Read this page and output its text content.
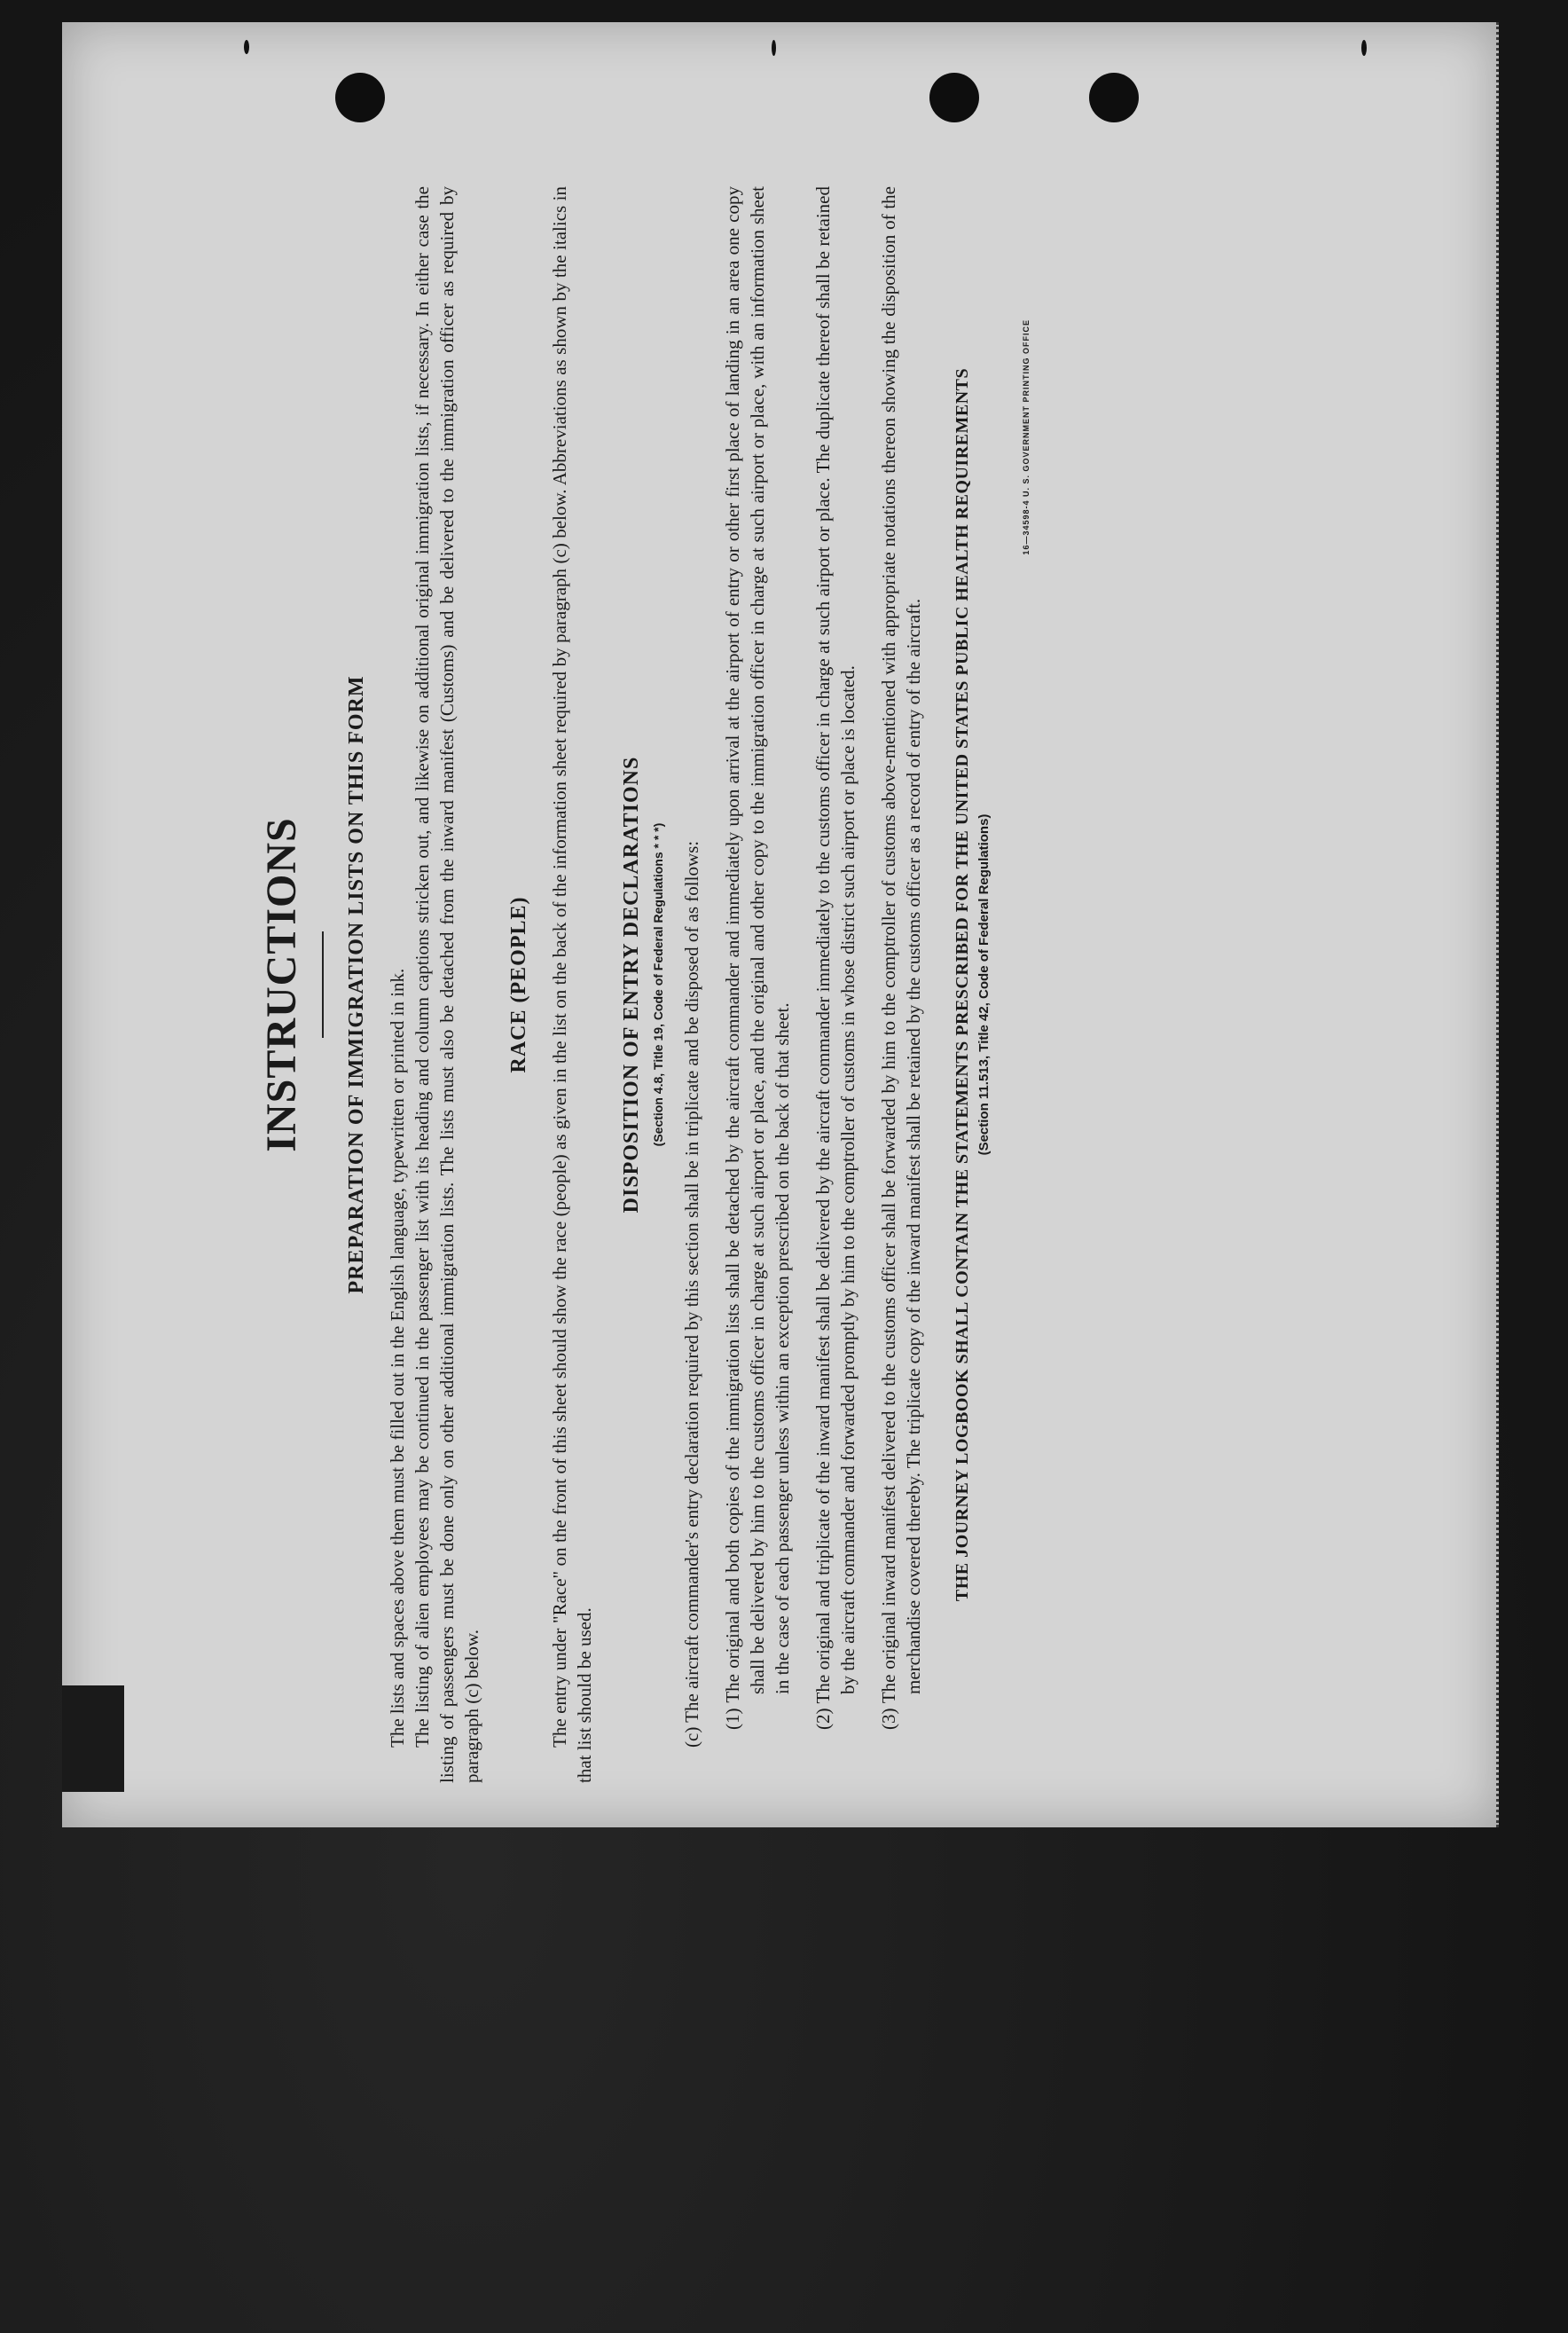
INSTRUCTIONS PREPARATION OF IMMIGRATION LISTS ON THIS FORM The lists and spaces above them must be filled out in the English language, typewritten or printed in ink. The listing of alien employees may be continued in the passenger list with its heading and column captions stricken out, and likewise on additional original immigration lists, if necessary. In either case the listing of passengers must be done only on other additional immigration lists. The lists must also be detached from the inward manifest (Customs) and be delivered to the immigration officer as required by paragraph (c) below.

RACE (PEOPLE) The entry under "Race" on the front of this sheet should show the race (people) as given in the list on the back of the information sheet required by paragraph (c) below. Abbreviations as shown by the italics in that list should be used.

DISPOSITION OF ENTRY DECLARATIONS (Section 4.8, Title 19, Code of Federal Regulations * * *) (c) The aircraft commander's entry declaration required by this section shall be in triplicate and be disposed of as follows: (1) The original and both copies of the immigration lists shall be detached by the aircraft commander and immediately upon arrival at the airport of entry or other first place of landing in an area one copy shall be delivered by him to the customs officer in charge at such airport or place, and the original and other copy to the immigration officer in charge at such airport or place, with an information sheet in the case of each passenger unless within an exception prescribed on the back of that sheet. (2) The original and triplicate of the inward manifest shall be delivered by the aircraft commander immediately to the customs officer in charge at such airport or place. The duplicate thereof shall be retained by the aircraft commander and forwarded promptly by him to the comptroller of customs in whose district such airport or place is located. (3) The original inward manifest delivered to the customs officer shall be forwarded by him to the comptroller of customs above-mentioned with appropriate notations thereon showing the disposition of the merchandise covered thereby. The triplicate copy of the inward manifest shall be retained by the customs officer as a record of entry of the aircraft. THE JOURNEY LOGBOOK SHALL CONTAIN THE STATEMENTS PRESCRIBED FOR THE UNITED STATES PUBLIC HEALTH REQUIREMENTS (Section 11.513, Title 42, Code of Federal Regulations)
16—34598-4 U. S. GOVERNMENT PRINTING OFFICE
